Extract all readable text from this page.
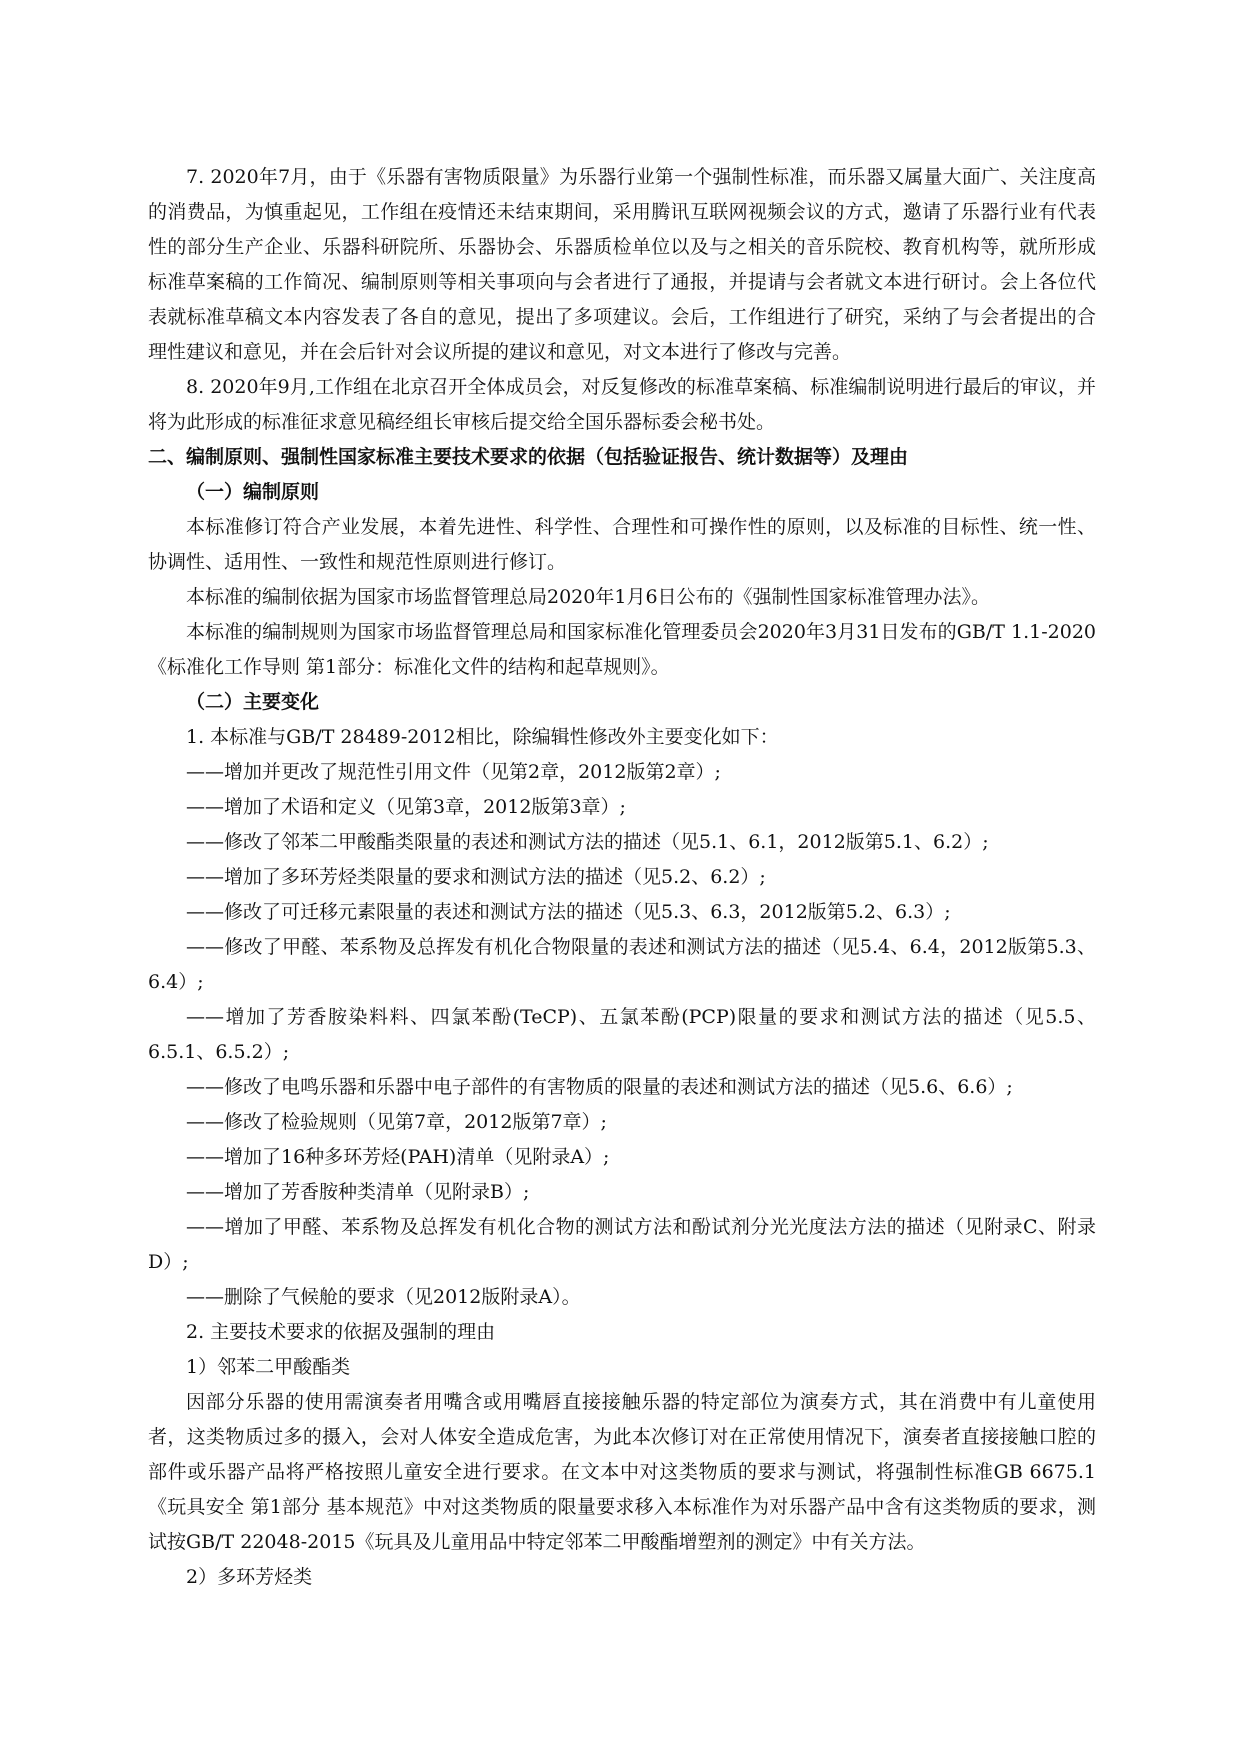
7. 2020年7月，由于《乐器有害物质限量》为乐器行业第一个强制性标准，而乐器又属量大面广、关注度高的消费品，为慎重起见，工作组在疫情还未结束期间，采用腾讯互联网视频会议的方式，邀请了乐器行业有代表性的部分生产企业、乐器科研院所、乐器协会、乐器质检单位以及与之相关的音乐院校、教育机构等，就所形成标准草案稿的工作简况、编制原则等相关事项向与会者进行了通报，并提请与会者就文本进行研讨。会上各位代表就标准草稿文本内容发表了各自的意见，提出了多项建议。会后，工作组进行了研究，采纳了与会者提出的合理性建议和意见，并在会后针对会议所提的建议和意见，对文本进行了修改与完善。

8. 2020年9月,工作组在北京召开全体成员会，对反复修改的标准草案稿、标准编制说明进行最后的审议，并将为此形成的标准征求意见稿经组长审核后提交给全国乐器标委会秘书处。

二、编制原则、强制性国家标准主要技术要求的依据（包括验证报告、统计数据等）及理由

（一）编制原则

本标准修订符合产业发展，本着先进性、科学性、合理性和可操作性的原则，以及标准的目标性、统一性、协调性、适用性、一致性和规范性原则进行修订。

本标准的编制依据为国家市场监督管理总局2020年1月6日公布的《强制性国家标准管理办法》。

本标准的编制规则为国家市场监督管理总局和国家标准化管理委员会2020年3月31日发布的GB/T 1.1-2020《标准化工作导则 第1部分：标准化文件的结构和起草规则》。

（二）主要变化

1. 本标准与GB/T 28489-2012相比，除编辑性修改外主要变化如下：

——增加并更改了规范性引用文件（见第2章，2012版第2章）;

——增加了术语和定义（见第3章，2012版第3章）;

——修改了邻苯二甲酸酯类限量的表述和测试方法的描述（见5.1、6.1，2012版第5.1、6.2）;

——增加了多环芳烃类限量的要求和测试方法的描述（见5.2、6.2）;

——修改了可迁移元素限量的表述和测试方法的描述（见5.3、6.3，2012版第5.2、6.3）;

——修改了甲醛、苯系物及总挥发有机化合物限量的表述和测试方法的描述（见5.4、6.4，2012版第5.3、6.4）;

——增加了芳香胺染料料、四氯苯酚(TeCP)、五氯苯酚(PCP)限量的要求和测试方法的描述（见5.5、6.5.1、6.5.2）;

——修改了电鸣乐器和乐器中电子部件的有害物质的限量的表述和测试方法的描述（见5.6、6.6）;

——修改了检验规则（见第7章，2012版第7章）;

——增加了16种多环芳烃(PAH)清单（见附录A）;

——增加了芳香胺种类清单（见附录B）;

——增加了甲醛、苯系物及总挥发有机化合物的测试方法和酚试剂分光光度法方法的描述（见附录C、附录D）;

——删除了气候舱的要求（见2012版附录A）。

2. 主要技术要求的依据及强制的理由

1）邻苯二甲酸酯类

因部分乐器的使用需演奏者用嘴含或用嘴唇直接接触乐器的特定部位为演奏方式，其在消费中有儿童使用者，这类物质过多的摄入，会对人体安全造成危害，为此本次修订对在正常使用情况下，演奏者直接接触口腔的部件或乐器产品将严格按照儿童安全进行要求。在文本中对这类物质的要求与测试，将强制性标准GB 6675.1《玩具安全 第1部分 基本规范》中对这类物质的限量要求移入本标准作为对乐器产品中含有这类物质的要求，测试按GB/T 22048-2015《玩具及儿童用品中特定邻苯二甲酸酯增塑剂的测定》中有关方法。

2）多环芳烃类
